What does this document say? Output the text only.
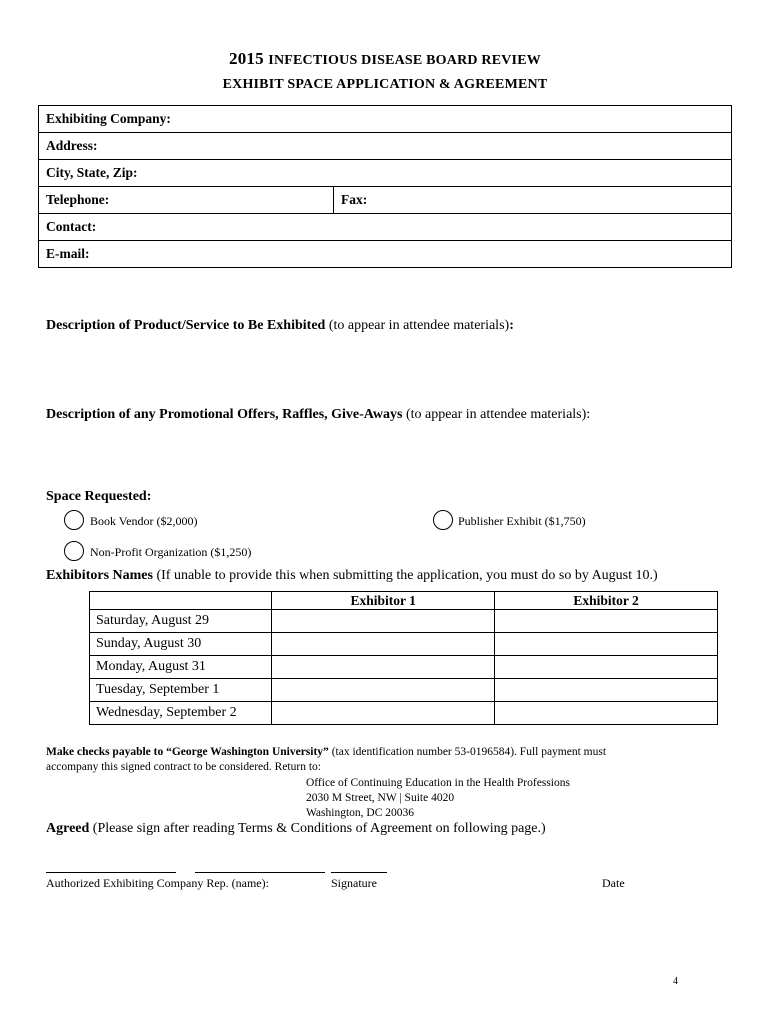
2015 INFECTIOUS DISEASE BOARD REVIEW
EXHIBIT SPACE APPLICATION & AGREEMENT
Exhibiting Company:
Address:
City, State, Zip:
Telephone:	Fax:
Contact:
E-mail:
Description of Product/Service to Be Exhibited (to appear in attendee materials):
Description of any Promotional Offers, Raffles, Give-Aways (to appear in attendee materials):
Space Requested:
Book Vendor ($2,000)	Publisher Exhibit ($1,750)
Non-Profit Organization ($1,250)
Exhibitors Names (If unable to provide this when submitting the application, you must do so by August 10.)
	Exhibitor 1	Exhibitor 2
Saturday, August 29		
Sunday, August 30		
Monday, August 31		
Tuesday, September 1		
Wednesday, September 2		
Make checks payable to “George Washington University” (tax identification number 53-0196584). Full payment must
accompany this signed contract to be considered. Return to:
Office of Continuing Education in the Health Professions
2030 M Street, NW | Suite 4020
Washington, DC 20036
Agreed (Please sign after reading Terms & Conditions of Agreement on following page.)
Authorized Exhibiting Company Rep. (name):	Signature	Date
4
